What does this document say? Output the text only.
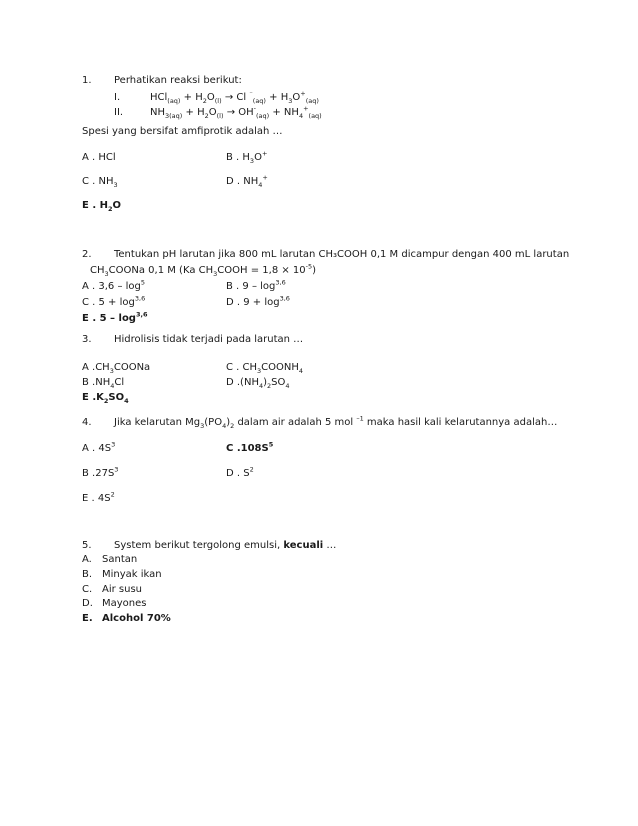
1. Perhatikan reaksi berikut:
I.	$HCl_{(aq)} + H_2O_{(l)} \to Cl$ $^{^-}_{(aq)} + H_3O^+_{(aq)}$
II.	$NH_{3(aq)} + H_2O_{(l)} \to OH^-_{(aq)} + NH_4^+_{(aq)}$
Spesi yang bersifat amfiprotik adalah …
A . HCl	B . $H_3O^+$
C . $NH_3$	D . $NH_4^+$
E . $H_2O$
2. Tentukan pH larutan jika 800 mL larutan CH₃COOH 0,1 M dicampur dengan 400 mL larutan
$CH_3COONa$ 0,1 M (Ka $CH_3COOH = 1,8 \times 10^{-5}$)
A . $3,6 - \log^5$	B . $9 - \log^{3,6}$
C . $5 + \log^{3,6}$	D . $9 + \log^{3,6}$
E . $5 - \log^{3,6}$
3. Hidrolisis tidak terjadi pada larutan …
A $.CH_3COONa$	C . $CH_3COONH_4$
B $.NH_4Cl$	D $.(NH_4)_2SO_4$
E $.K_2SO_4$
4. Jika kelarutan $Mg_3(PO_4)_2$ dalam air adalah 5 mol $^{-1}$ maka hasil kali kelarutannya adalah…
A . $4S^3$	C $.108S^5$
B $.27S^3$	D . $S^2$
E . $4S^2$
5. System berikut tergolong emulsi, kecuali …
A. Santan
B. Minyak ikan
C. Air susu
D. Mayones
E. Alcohol 70%
